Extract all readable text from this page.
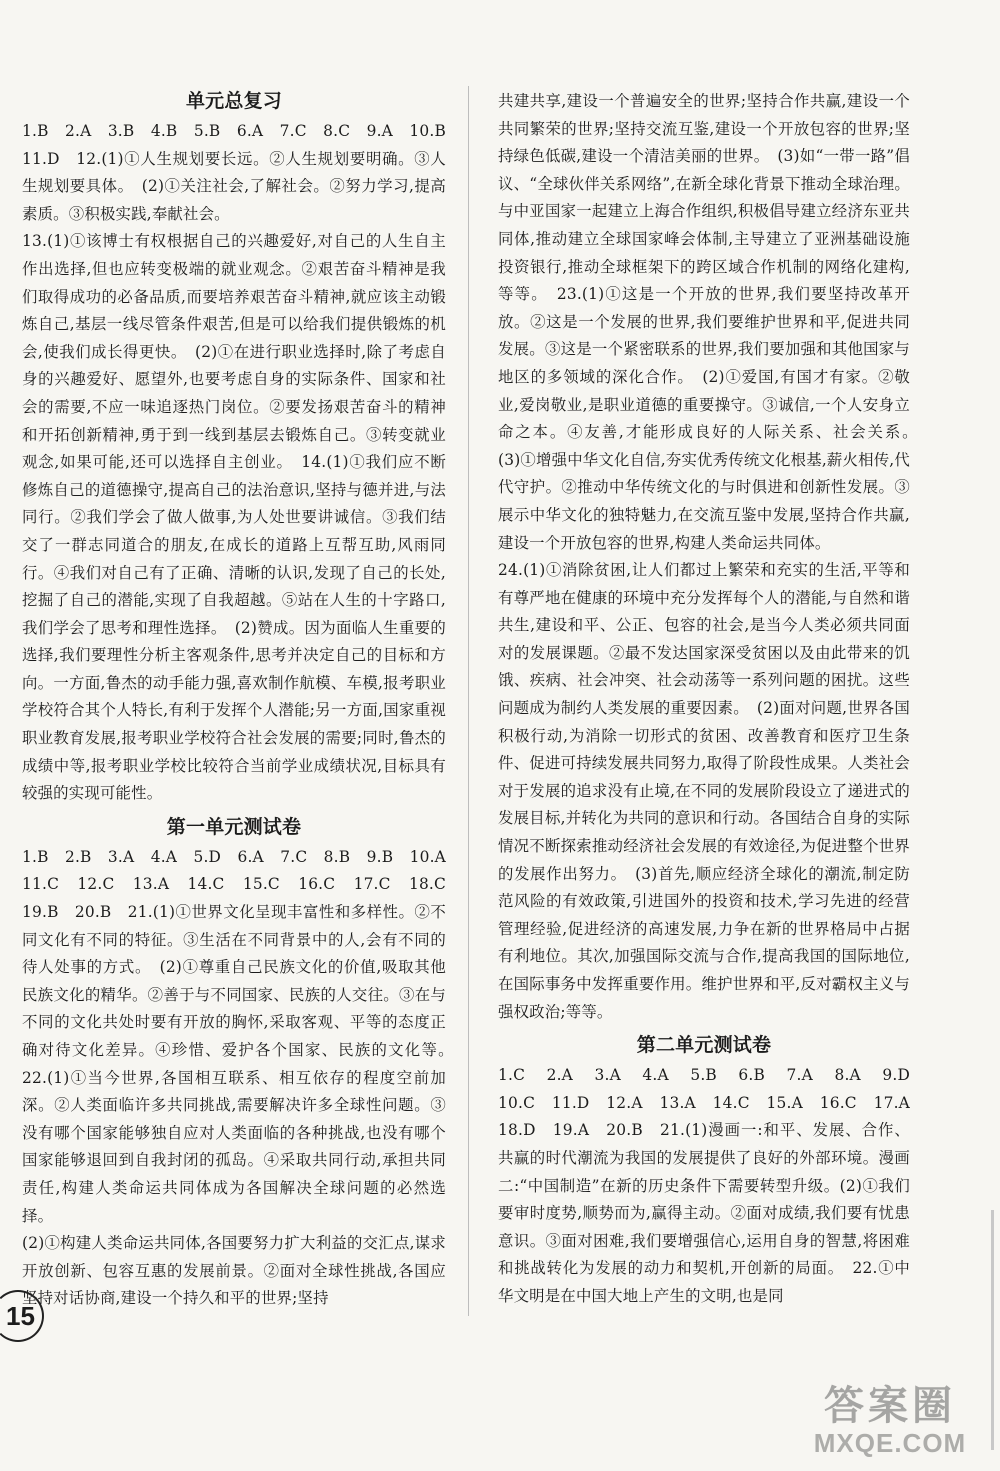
单元总复习

1.B　2.A　3.B　4.B　5.B　6.A　7.C　8.C　9.A　10.B　11.D　12.(1)①人生规划要长远。②人生规划要明确。③人生规划要具体。　(2)①关注社会,了解社会。②努力学习,提高素质。③积极实践,奉献社会。

13.(1)①该博士有权根据自己的兴趣爱好,对自己的人生自主作出选择,但也应转变极端的就业观念。②艰苦奋斗精神是我们取得成功的必备品质,而要培养艰苦奋斗精神,就应该主动锻炼自己,基层一线尽管条件艰苦,但是可以给我们提供锻炼的机会,使我们成长得更快。　(2)①在进行职业选择时,除了考虑自身的兴趣爱好、愿望外,也要考虑自身的实际条件、国家和社会的需要,不应一味追逐热门岗位。②要发扬艰苦奋斗的精神和开拓创新精神,勇于到一线到基层去锻炼自己。③转变就业观念,如果可能,还可以选择自主创业。　14.(1)①我们应不断修炼自己的道德操守,提高自己的法治意识,坚持与德并进,与法同行。②我们学会了做人做事,为人处世要讲诚信。③我们结交了一群志同道合的朋友,在成长的道路上互帮互助,风雨同行。④我们对自己有了正确、清晰的认识,发现了自己的长处,挖掘了自己的潜能,实现了自我超越。⑤站在人生的十字路口,我们学会了思考和理性选择。　(2)赞成。因为面临人生重要的选择,我们要理性分析主客观条件,思考并决定自己的目标和方向。一方面,鲁杰的动手能力强,喜欢制作航模、车模,报考职业学校符合其个人特长,有利于发挥个人潜能;另一方面,国家重视职业教育发展,报考职业学校符合社会发展的需要;同时,鲁杰的成绩中等,报考职业学校比较符合当前学业成绩状况,目标具有较强的实现可能性。

第一单元测试卷

1.B　2.B　3.A　4.A　5.D　6.A　7.C　8.B　9.B　10.A　11.C　12.C　13.A　14.C　15.C　16.C　17.C　18.C　19.B　20.B　21.(1)①世界文化呈现丰富性和多样性。②不同文化有不同的特征。③生活在不同背景中的人,会有不同的待人处事的方式。　(2)①尊重自己民族文化的价值,吸取其他民族文化的精华。②善于与不同国家、民族的人交往。③在与不同的文化共处时要有开放的胸怀,采取客观、平等的态度正确对待文化差异。④珍惜、爱护各个国家、民族的文化等。　22.(1)①当今世界,各国相互联系、相互依存的程度空前加深。②人类面临许多共同挑战,需要解决许多全球性问题。③没有哪个国家能够独自应对人类面临的各种挑战,也没有哪个国家能够退回到自我封闭的孤岛。④采取共同行动,承担共同责任,构建人类命运共同体成为各国解决全球问题的必然选择。

(2)①构建人类命运共同体,各国要努力扩大利益的交汇点,谋求开放创新、包容互惠的发展前景。②面对全球性挑战,各国应坚持对话协商,建设一个持久和平的世界;坚持

共建共享,建设一个普遍安全的世界;坚持合作共赢,建设一个共同繁荣的世界;坚持交流互鉴,建设一个开放包容的世界;坚持绿色低碳,建设一个清洁美丽的世界。　(3)如“一带一路”倡议、“全球伙伴关系网络”,在新全球化背景下推动全球治理。与中亚国家一起建立上海合作组织,积极倡导建立经济东亚共同体,推动建立全球国家峰会体制,主导建立了亚洲基础设施投资银行,推动全球框架下的跨区域合作机制的网络化建构,等等。　23.(1)①这是一个开放的世界,我们要坚持改革开放。②这是一个发展的世界,我们要维护世界和平,促进共同发展。③这是一个紧密联系的世界,我们要加强和其他国家与地区的多领域的深化合作。　(2)①爱国,有国才有家。②敬业,爱岗敬业,是职业道德的重要操守。③诚信,一个人安身立命之本。④友善,才能形成良好的人际关系、社会关系。　(3)①增强中华文化自信,夯实优秀传统文化根基,薪火相传,代代守护。②推动中华传统文化的与时俱进和创新性发展。③展示中华文化的独特魅力,在交流互鉴中发展,坚持合作共赢,建设一个开放包容的世界,构建人类命运共同体。

24.(1)①消除贫困,让人们都过上繁荣和充实的生活,平等和有尊严地在健康的环境中充分发挥每个人的潜能,与自然和谐共生,建设和平、公正、包容的社会,是当今人类必须共同面对的发展课题。②最不发达国家深受贫困以及由此带来的饥饿、疾病、社会冲突、社会动荡等一系列问题的困扰。这些问题成为制约人类发展的重要因素。　(2)面对问题,世界各国积极行动,为消除一切形式的贫困、改善教育和医疗卫生条件、促进可持续发展共同努力,取得了阶段性成果。人类社会对于发展的追求没有止境,在不同的发展阶段设立了递进式的发展目标,并转化为共同的意识和行动。各国结合自身的实际情况不断探索推动经济社会发展的有效途径,为促进整个世界的发展作出努力。　(3)首先,顺应经济全球化的潮流,制定防范风险的有效政策,引进国外的投资和技术,学习先进的经营管理经验,促进经济的高速发展,力争在新的世界格局中占据有利地位。其次,加强国际交流与合作,提高我国的国际地位,在国际事务中发挥重要作用。维护世界和平,反对霸权主义与强权政治;等等。

第二单元测试卷

1.C　2.A　3.A　4.A　5.B　6.B　7.A　8.A　9.D　10.C　11.D　12.A　13.A　14.C　15.A　16.C　17.A　18.D　19.A　20.B　21.(1)漫画一:和平、发展、合作、共赢的时代潮流为我国的发展提供了良好的外部环境。漫画二:“中国制造”在新的历史条件下需要转型升级。(2)①我们要审时度势,顺势而为,赢得主动。②面对成绩,我们要有忧患意识。③面对困难,我们要增强信心,运用自身的智慧,将困难和挑战转化为发展的动力和契机,开创新的局面。　22.①中华文明是在中国大地上产生的文明,也是同

15
答案圈
MXQE.COM
